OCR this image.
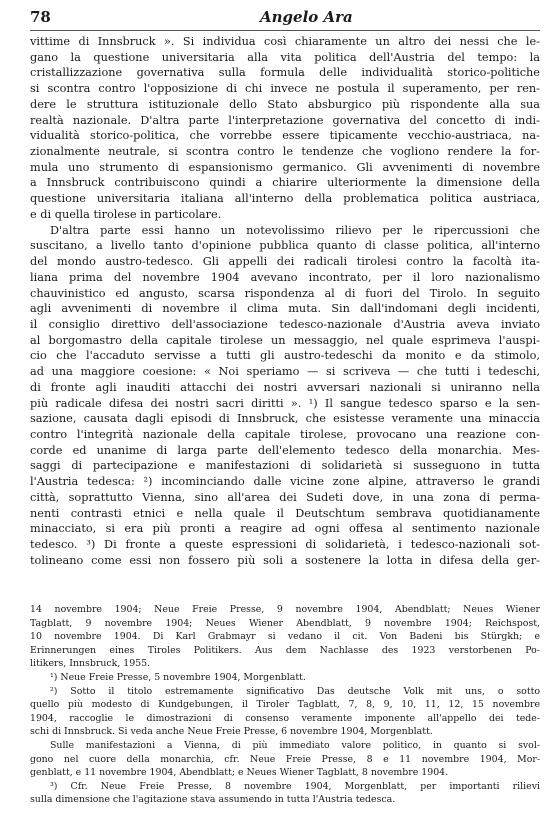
78	Angelo Ara
vittime di Innsbruck ». Si individua così chiaramente un altro dei nessi che le-
gano la questione universitaria alla vita politica dell'Austria del tempo: la
cristallizzazione governativa sulla formula delle individualità storico-politiche
si scontra contro l'opposizione di chi invece ne postula il superamento, per ren-
dere le struttura istituzionale dello Stato absburgico più rispondente alla sua
realtà nazionale. D'altra parte l'interpretazione governativa del concetto di indi-
vidualità storico-politica, che vorrebbe essere tipicamente vecchio-austriaca, na-
zionalmente neutrale, si scontra contro le tendenze che vogliono rendere la for-
mula uno strumento di espansionismo germanico. Gli avvenimenti di novembre
a Innsbruck contribuiscono quindi a chiarire ulteriormente la dimensione della
questione universitaria italiana all'interno della problematica politica austriaca,
e di quella tirolese in particolare.
D'altra parte essi hanno un notevolissimo rilievo per le ripercussioni che
suscitano, a livello tanto d'opinione pubblica quanto di classe politica, all'interno
del mondo austro-tedesco. Gli appelli dei radicali tirolesi contro la facoltà ita-
liana prima del novembre 1904 avevano incontrato, per il loro nazionalismo
chauvinistico ed angusto, scarsa rispondenza al di fuori del Tirolo. In seguito
agli avvenimenti di novembre il clima muta. Sin dall'indomani degli incidenti,
il consiglio direttivo dell'associazione tedesco-nazionale d'Austria aveva inviato
al borgomastro della capitale tirolese un messaggio, nel quale esprimeva l'auspi-
cio che l'accaduto servisse a tutti gli austro-tedeschi da monito e da stimolo,
ad una maggiore coesione: « Noi speriamo — si scriveva — che tutti i tedeschi,
di fronte agli inauditi attacchi dei nostri avversari nazionali si uniranno nella
più radicale difesa dei nostri sacri diritti ». ¹) Il sangue tedesco sparso e la sen-
sazione, causata dagli episodi di Innsbruck, che esistesse veramente una minaccia
contro l'integrità nazionale della capitale tirolese, provocano una reazione con-
corde ed unanime di larga parte dell'elemento tedesco della monarchia. Mes-
saggi di partecipazione e manifestazioni di solidarietà si susseguono in tutta
l'Austria tedesca: ²) incominciando dalle vicine zone alpine, attraverso le grandi
città, soprattutto Vienna, sino all'area dei Sudeti dove, in una zona di perma-
nenti contrasti etnici e nella quale il Deutschtum sembrava quotidianamente
minacciato, si era più pronti a reagire ad ogni offesa al sentimento nazionale
tedesco. ³) Di fronte a queste espressioni di solidarietà, i tedesco-nazionali sot-
tolineano come essi non fossero più soli a sostenere la lotta in difesa della ger-
14 novembre 1904; Neue Freie Presse, 9 novembre 1904, Abendblatt; Neues Wiener
Tagblatt, 9 novembre 1904; Neues Wiener Abendblatt, 9 novembre 1904; Reichspost,
10 novembre 1904. Di Karl Grabmayr si vedano il cit. Von Badeni bis Stürgkh; e
Erinnerungen eines Tiroles Politikers. Aus dem Nachlasse des 1923 verstorbenen Po-
litikers, Innsbruck, 1955.
¹) Neue Freie Presse, 5 novembre 1904, Morgenblatt.
²) Sotto il titolo estremamente significativo Das deutsche Volk mit uns, o sotto
quello più modesto di Kundgebungen, il Tiroler Tagblatt, 7, 8, 9, 10, 11, 12, 15 novembre
1904, raccoglie le dimostrazioni di consenso veramente imponente all'appello dei tede-
schi di Innsbruck. Si veda anche Neue Freie Presse, 6 novembre 1904, Morgenblatt.
Sulle manifestazioni a Vienna, di più immediato valore politico, in quanto si svol-
gono nel cuore della monarchia, cfr. Neue Freie Presse, 8 e 11 novembre 1904, Mor-
genblatt, e 11 novembre 1904, Abendblatt; e Neues Wiener Tagblatt, 8 novembre 1904.
³) Cfr. Neue Freie Presse, 8 novembre 1904, Morgenblatt, per importanti rilievi
sulla dimensione che l'agitazione stava assumendo in tutta l'Austria tedesca.
